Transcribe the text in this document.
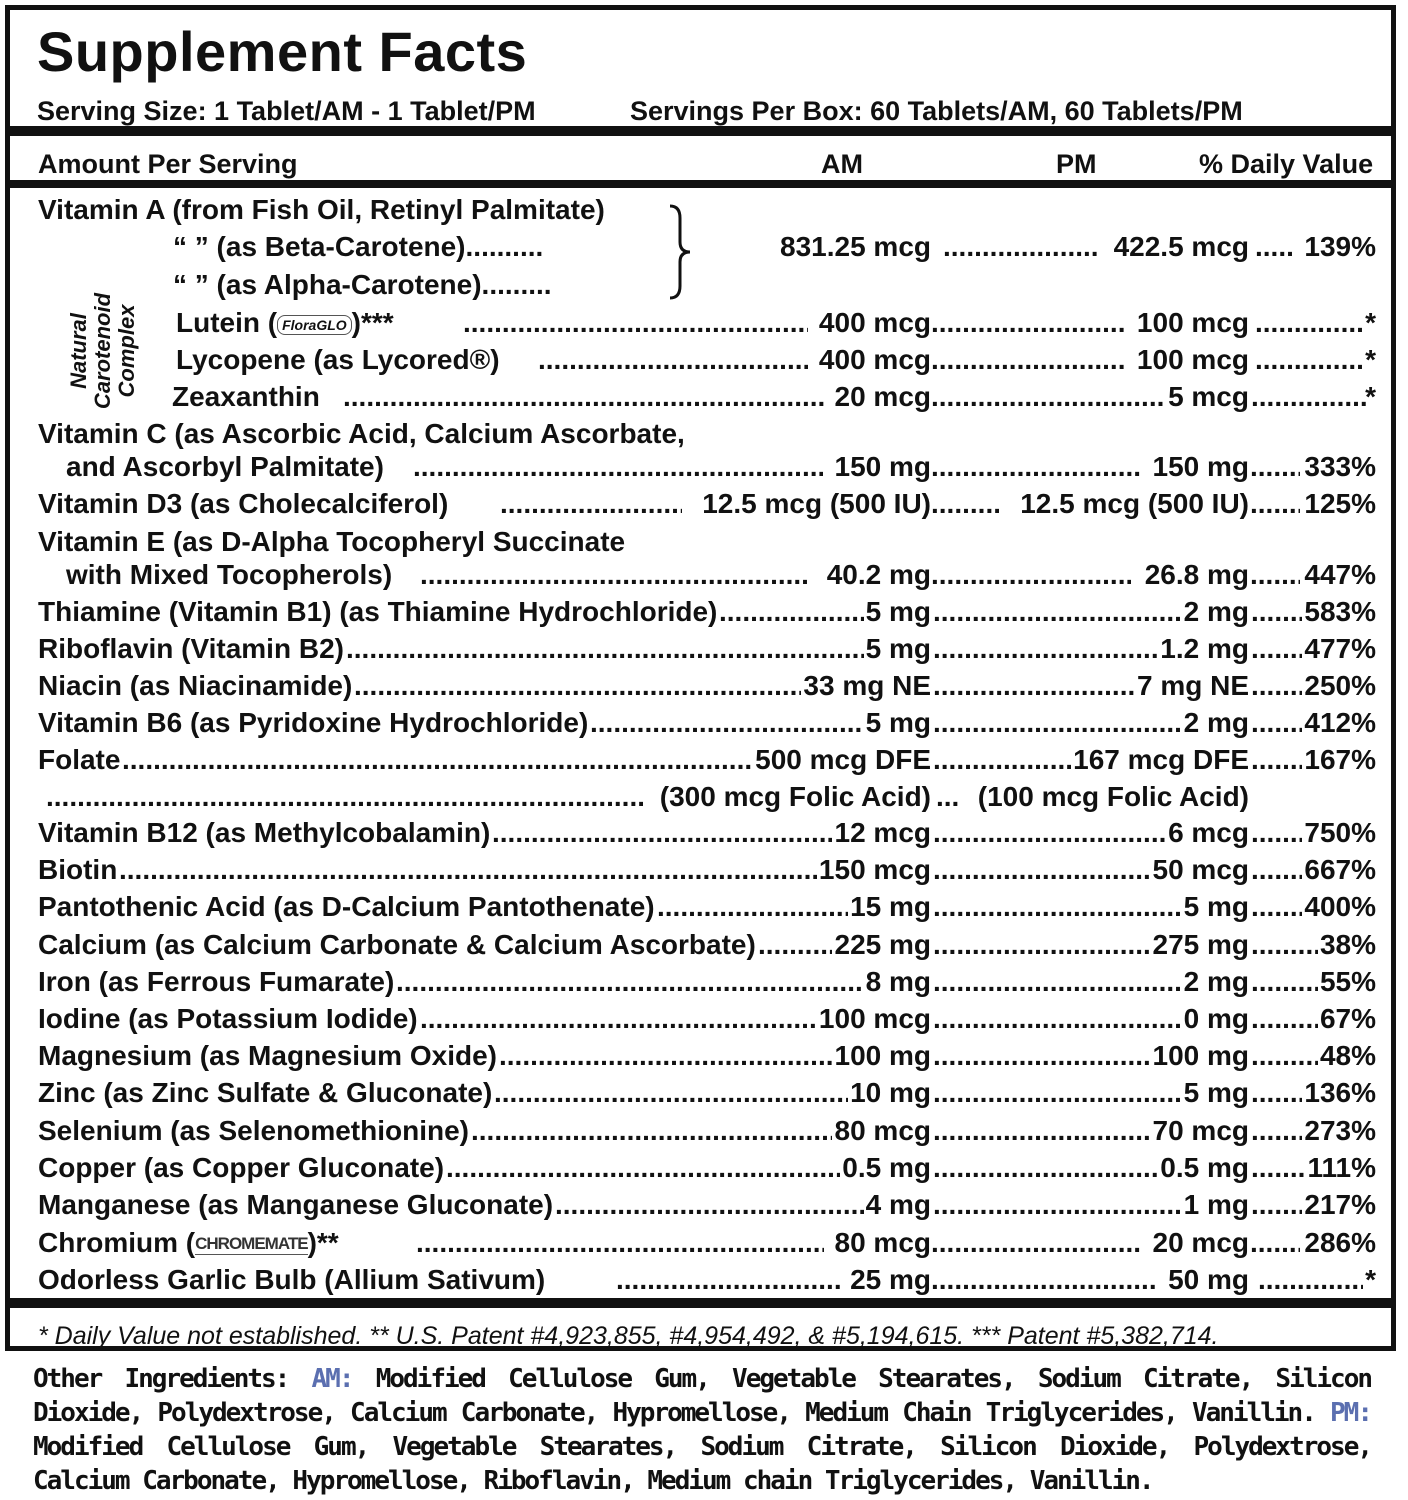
Supplement Facts
Serving Size: 1 Tablet/AM - 1 Tablet/PM	Servings Per Box: 60 Tablets/AM, 60 Tablets/PM
Amount Per Serving	AM	PM	% Daily Value
Natural Carotenoid Complex
Vitamin A (from Fish Oil, Retinyl Palmitate)
“ ” (as Beta-Carotene)..........	831.25 mcg .....	422.5 mcg ..... 139%
“ ” (as Alpha-Carotene).........
Lutein ( FloraGLO )*** .....	400 mcg .....	100 mcg .....	*
Lycopene (as Lycored®) .....	400 mcg .....	100 mcg .....	*
Zeaxanthin .....	20 mcg .....	5 mcg .....	*
Vitamin C (as Ascorbic Acid, Calcium Ascorbate,
and Ascorbyl Palmitate) .....	150 mg .....	150 mg ..... 333%
Vitamin D3 (as Cholecalciferol) .....	12.5 mcg (500 IU) .....	12.5 mcg (500 IU) ..... 125%
Vitamin E (as D-Alpha Tocopheryl Succinate
with Mixed Tocopherols) .....	40.2 mg .....	26.8 mg ..... 447%
Thiamine (Vitamin B1) (as Thiamine Hydrochloride) .....	5 mg .....	2 mg ..... 583%
Riboflavin (Vitamin B2) .....	5 mg .....	1.2 mg ..... 477%
Niacin (as Niacinamide) .....	33 mg NE .....	7 mg NE ..... 250%
Vitamin B6 (as Pyridoxine Hydrochloride) .....	5 mg .....	2 mg ..... 412%
Folate .....	500 mcg DFE .....	167 mcg DFE ..... 167%
.....
(300 mcg Folic Acid) ..... (100 mcg Folic Acid)
Vitamin B12 (as Methylcobalamin) .....	12 mcg .....	6 mcg ..... 750%
Biotin .....	150 mcg .....	50 mcg ..... 667%
Pantothenic Acid (as D-Calcium Pantothenate) .....	15 mg .....	5 mg ..... 400%
Calcium (as Calcium Carbonate & Calcium Ascorbate) .....	225 mg .....	275 mg .....	38%
Iron (as Ferrous Fumarate) .....	8 mg .....	2 mg .....	55%
Iodine (as Potassium Iodide) .....	100 mcg .....	0 mg .....	67%
Magnesium (as Magnesium Oxide) .....	100 mg .....	100 mg .....	48%
Zinc (as Zinc Sulfate & Gluconate) .....	10 mg .....	5 mg ..... 136%
Selenium (as Selenomethionine) .....	80 mcg .....	70 mcg ..... 273%
Copper (as Copper Gluconate) .....	0.5 mg .....	0.5 mg ..... 111%
Manganese (as Manganese Gluconate) .....	4 mg .....	1 mg ..... 217%
Chromium (CHROMEMATE)** .....	80 mcg .....	20 mcg ..... 286%
Odorless Garlic Bulb (Allium Sativum) .....	25 mg .....	50 mg .....	*
* Daily Value not established. ** U.S. Patent #4,923,855, #4,954,492, & #5,194,615. *** Patent #5,382,714.
Other Ingredients: AM: Modified Cellulose Gum, Vegetable Stearates, Sodium Citrate, Silicon Dioxide, Polydextrose, Calcium Carbonate, Hypromellose, Medium Chain Triglycerides, Vanillin. PM: Modified Cellulose Gum, Vegetable Stearates, Sodium Citrate, Silicon Dioxide, Polydextrose, Calcium Carbonate, Hypromellose, Riboflavin, Medium chain Triglycerides, Vanillin.
